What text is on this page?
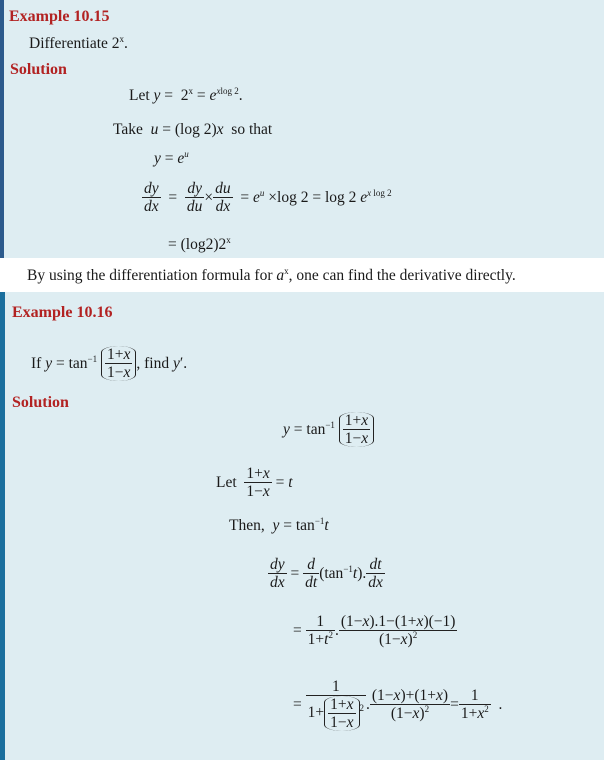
Example 10.15
Differentiate 2$^x$.
Solution
Let $y = 2^x = e^{xlog 2}$.
Take u = (log 2)x so that
$y = e^u$
$\frac{dy}{dx} = \frac{dy}{du} \times \frac{du}{dx} = e^u \times\log$ 2 = log 2 $e^{x log 2}$
= $(\log 2)2^x$
By using the differentiation formula for $a^x$, one can find the derivative directly.
Example 10.16
If $y = \tan^{-1} \frac{1+x}{1-x}$ , find y′.
Solution
$y = \tan^{-1} \frac{1+x}{1-x}$
Let $\frac{1+x}{1-x} = t$
Then, $y = \tan^{-1}t$
$\frac{dy}{dx} = \frac{d}{dt} (\tan^{-1}t)$. $\frac{dt}{dx}$
= $\frac{1}{1+t^2}$ . $\frac{(1-x).1-(1+x)(-1)}{(1-x)^2}$
= $\frac{1}{1+ \frac{1+x}{1-x} ^2}$ . $\frac{(1-x)+(1+x)}{(1-x)^2} = \frac{1}{1+x^2}$ .
